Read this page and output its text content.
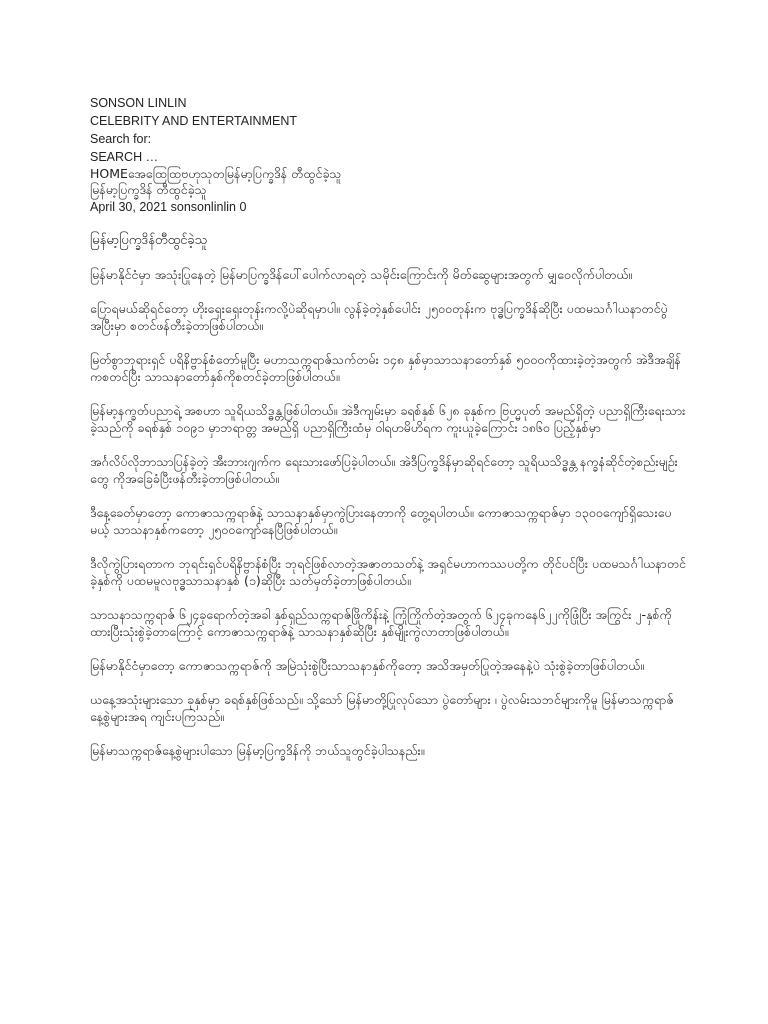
SONSON LINLIN
CELEBRITY AND ENTERTAINMENT
Search for:
SEARCH …
HOMEအေထြေထြဗဟုသုတမြန်မာ့ပြက္ခဒိန် တီထွင်ခဲ့သူ
မြန်မာ့ပြက္ခဒိန် တီထွင်ခဲ့သူ
April 30, 2021 sonsonlinlin 0
မြန်မာ့ပြက္ခဒိန်တီထွင်ခဲ့သူ

မြန်မာနိုင်ငံမှာ အသုံးပြုနေတဲ့ မြန်မာပြက္ခဒိန်ပေါ်ပေါက်လာရတဲ့ သမိုင်းကြောင်းကို မိတ်ဆွေများအတွက် မျှဝေလိုက်ပါတယ်။

ပြောရမယ်ဆိုရင်တော့ ဟိုးရှေးရှေးတုန်းကလို့ပဲဆိုရမှာပါ။ လွန်ခဲ့တဲ့နှစ်ပေါင်း ၂၅၀၀တုန်းက ဗုဒ္ဓပြက္ခဒိန်ဆိုပြီး ပထမသင်္ဂါယနာတင်ပွဲအပြီးမှာ စတင်ဖန်တီးခဲ့တာဖြစ်ပါတယ်။

မြတ်စွာဘုရားရှင် ပရိနိဗ္ဗာန်စံတော်မူပြီး မဟာသက္ကရာဇ်သက်တမ်း ၁၄၈ နှစ်မှာသာသနာတော်နှစ် ၅၀၀၀ကိုထားခဲ့တဲ့အတွက် အဲဒီအချိန်ကစတင်ပြီး သာသနာတော်နှစ်ကိုစတင်ခဲ့တာဖြစ်ပါတယ်။

မြန်မာ့နက္ခတ်ပညာရဲ့ အစဟာ သူရိယသိဒ္ဓန္တဖြစ်ပါတယ်။ အဲဒီကျမ်းမှာ ခရစ်နှစ် ၆၂၈ ခုနှစ်က ဗြဟ္မပုတ် အမည်ရှိတဲ့ ပညာရှိကြီးရေးသားခဲ့သည်ကို ခရစ်နှစ် ၁၀၉၁ မှာဘရာတ္တ အမည်ရှိ ပညာရှိကြီးထံမှ ဝါရဟမိဟိရက ကူးယူခဲ့ကြောင်း ၁၈၆၀ ပြည့်နှစ်မှာ

အင်္ဂလိပ်လိုဘာသာပြန်ခဲ့တဲ့ အီးဘားဂျက်က ရေးသားဖော်ပြခဲ့ပါတယ်။ အဲဒီပြက္ခဒိန်မှာဆိုရင်တော့ သူရိယသိဒ္ဓန္တ နက္ခနံဆိုင်တဲ့စည်းမျဉ်းတွေ ကိုအခြေခံပြီးဖန်တီးခဲ့တာဖြစ်ပါတယ်။

ဒီနေ့ခေတ်မှာတော့ ကောဇာသက္ကရာဇ်နဲ့ သာသနာနှစ်မှာကွဲပြားနေတာကို တွေ့ရပါတယ်။ ကောဇာသက္ကရာဇ်မှာ ၁၃၀၀ကျော်ရှိသေးပေမယ့် သာသနာနှစ်ကတော့ ၂၅၀၀ကျော်နေပြီဖြစ်ပါတယ်။

ဒီလိုကွဲပြားရတာက ဘုရင်းရှင်ပရိနိဗ္ဗာန်စံပြီး ဘုရင်ဖြစ်လာတဲ့အဇာတသတ်နဲ့ အရှင်မဟာကဿပတို့က တိုင်ပင်ပြီး ပထမသင်္ဂါယနာတင်ခဲ့နှစ်ကို ပထမမူလဗုဒ္ဓသာသနာနှစ် (၁)ဆိုပြီး သတ်မှတ်ခဲ့တာဖြစ်ပါတယ်။

သာသနာသက္ကရာဇ် ၆၂၄ခုရောက်တဲ့အခါ နှစ်ရှည်သက္ကရာဇ်ဖြိုကိန်းနဲ့ ကြုံကြိုက်တဲ့အတွက် ၆၂၄ခုကနေ၆၂၂ကိုဖြုံပြီး အကြွင်း ၂-နှစ်ကိုထားပြီးသုံးစွဲခဲ့တာကြောင့် ကောဇာသက္ကရာဇ်နဲ့ သာသနာနှစ်ဆိုပြီး နှစ်မျိုးကွဲလာတာဖြစ်ပါတယ်။

မြန်မာနိုင်ငံမှာတော့ ကောဇာသက္ကရာဇ်ကို အမြဲသုံးစွဲပြီးသာသနာနှစ်ကိုတော့ အသိအမှတ်ပြုတဲ့အနေနဲ့ပဲ သုံးစွဲခဲ့တာဖြစ်ပါတယ်။

ယနေ့အသုံးများသော ခုနှစ်မှာ ခရစ်နှစ်ဖြစ်သည်။ သို့သော် မြန်မာတို့ပြုလုပ်သော ပွဲတော်များ ၊ ပွဲလမ်းသဘင်များကိုမူ မြန်မာသက္ကရာဇ်နေ့စွဲများအရ ကျင်းပကြသည်။

မြန်မာသက္ကရာဇ်နေ့စွဲများပါသော မြန်မာ့ပြက္ခဒိန်ကို ဘယ်သူတွင်ခဲ့ပါသနည်း။
